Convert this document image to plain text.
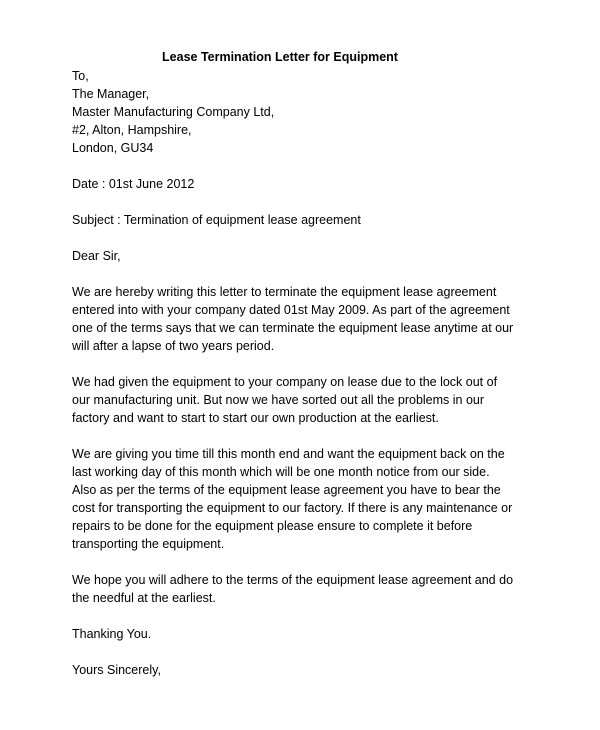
Lease Termination Letter for Equipment
To,
The Manager,
Master Manufacturing Company Ltd,
#2, Alton, Hampshire,
London, GU34
Date : 01st June 2012
Subject : Termination of equipment lease agreement
Dear Sir,
We are hereby writing this letter to terminate the equipment lease agreement
entered into with your company dated 01st May 2009. As part of the agreement
one of the terms says that we can terminate the equipment lease anytime at our
will after a lapse of two years period.
We had given the equipment to your company on lease due to the lock out of
our manufacturing unit. But now we have sorted out all the problems in our
factory and want to start to start our own production at the earliest.
We are giving you time till this month end and want the equipment back on the
last working day of this month which will be one month notice from our side.
Also as per the terms of the equipment lease agreement you have to bear the
cost for transporting the equipment to our factory. If there is any maintenance or
repairs to be done for the equipment please ensure to complete it before
transporting the equipment.
We hope you will adhere to the terms of the equipment lease agreement and do
the needful at the earliest.
Thanking You.
Yours Sincerely,
